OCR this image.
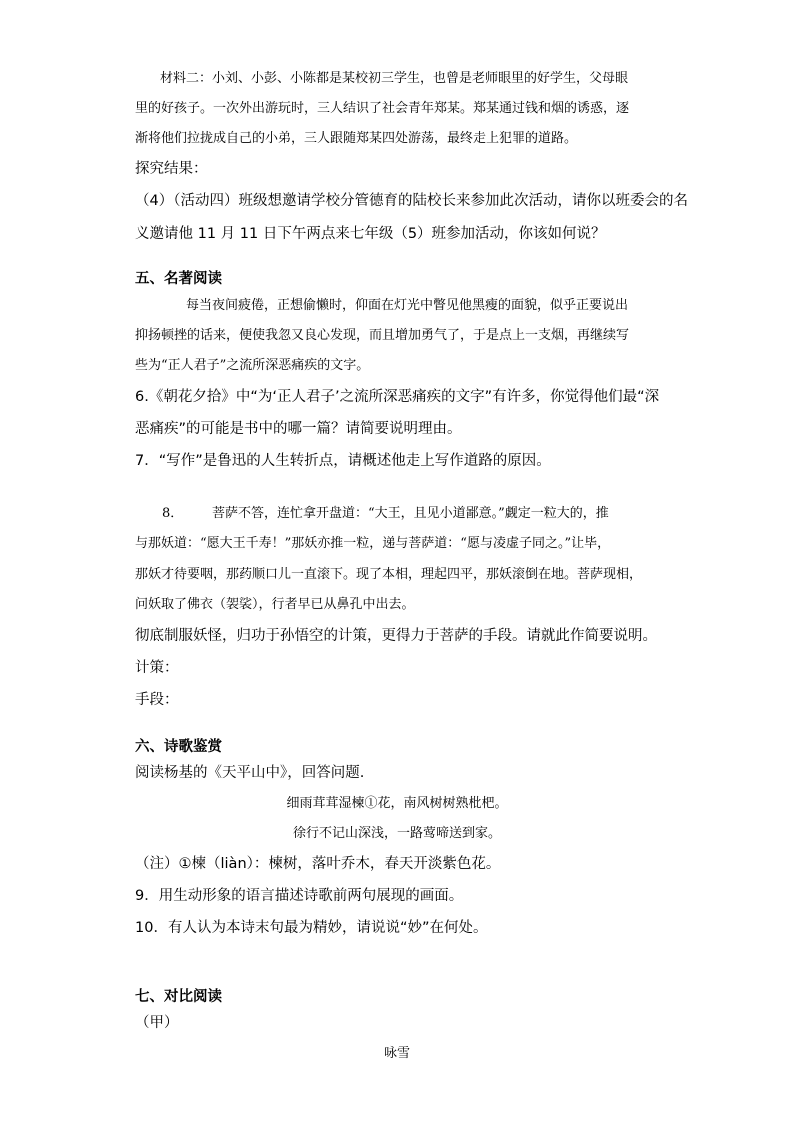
材料二：小刘、小彭、小陈都是某校初三学生，也曾是老师眼里的好学生，父母眼
里的好孩子。一次外出游玩时，三人结识了社会青年郑某。郑某通过钱和烟的诱惑，逐
渐将他们拉拢成自己的小弟，三人跟随郑某四处游荡，最终走上犯罪的道路。
探究结果：
（4）（活动四）班级想邀请学校分管德育的陆校长来参加此次活动，请你以班委会的名
义邀请他 11 月 11 日下午两点来七年级（5）班参加活动，你该如何说？
五、名著阅读
每当夜间疲倦，正想偷懒时，仰面在灯光中瞥见他黑瘦的面貌，似乎正要说出
抑扬顿挫的话来，便使我忽又良心发现，而且增加勇气了，于是点上一支烟，再继续写
些为“正人君子”之流所深恶痛疾的文字。
6.《朝花夕拾》中“为‘正人君子’之流所深恶痛疾的文字”有许多，你觉得他们最“深
恶痛疾”的可能是书中的哪一篇？请简要说明理由。
7．“写作”是鲁迅的人生转折点，请概述他走上写作道路的原因。
8． 菩萨不答，连忙拿开盘道：“大王，且见小道鄙意。”觑定一粒大的，推
与那妖道：“愿大王千寿！”那妖亦推一粒，递与菩萨道：“愿与凌虚子同之。”让毕，
那妖才待要咽，那药顺口儿一直滚下。现了本相，理起四平，那妖滚倒在地。菩萨现相，
问妖取了佛衣（袈裟），行者早已从鼻孔中出去。
彻底制服妖怪，归功于孙悟空的计策，更得力于菩萨的手段。请就此作简要说明。
计策：
手段：
六、诗歌鉴赏
阅读杨基的《天平山中》，回答问题.
细雨茸茸湿楝①花，南风树树熟枇杷。
徐行不记山深浅，一路莺啼送到家。
（注）①楝（liàn）：楝树，落叶乔木，春天开淡紫色花。
9．用生动形象的语言描述诗歌前两句展现的画面。
10．有人认为本诗末句最为精妙，请说说“妙”在何处。
七、对比阅读
（甲）
咏雪
